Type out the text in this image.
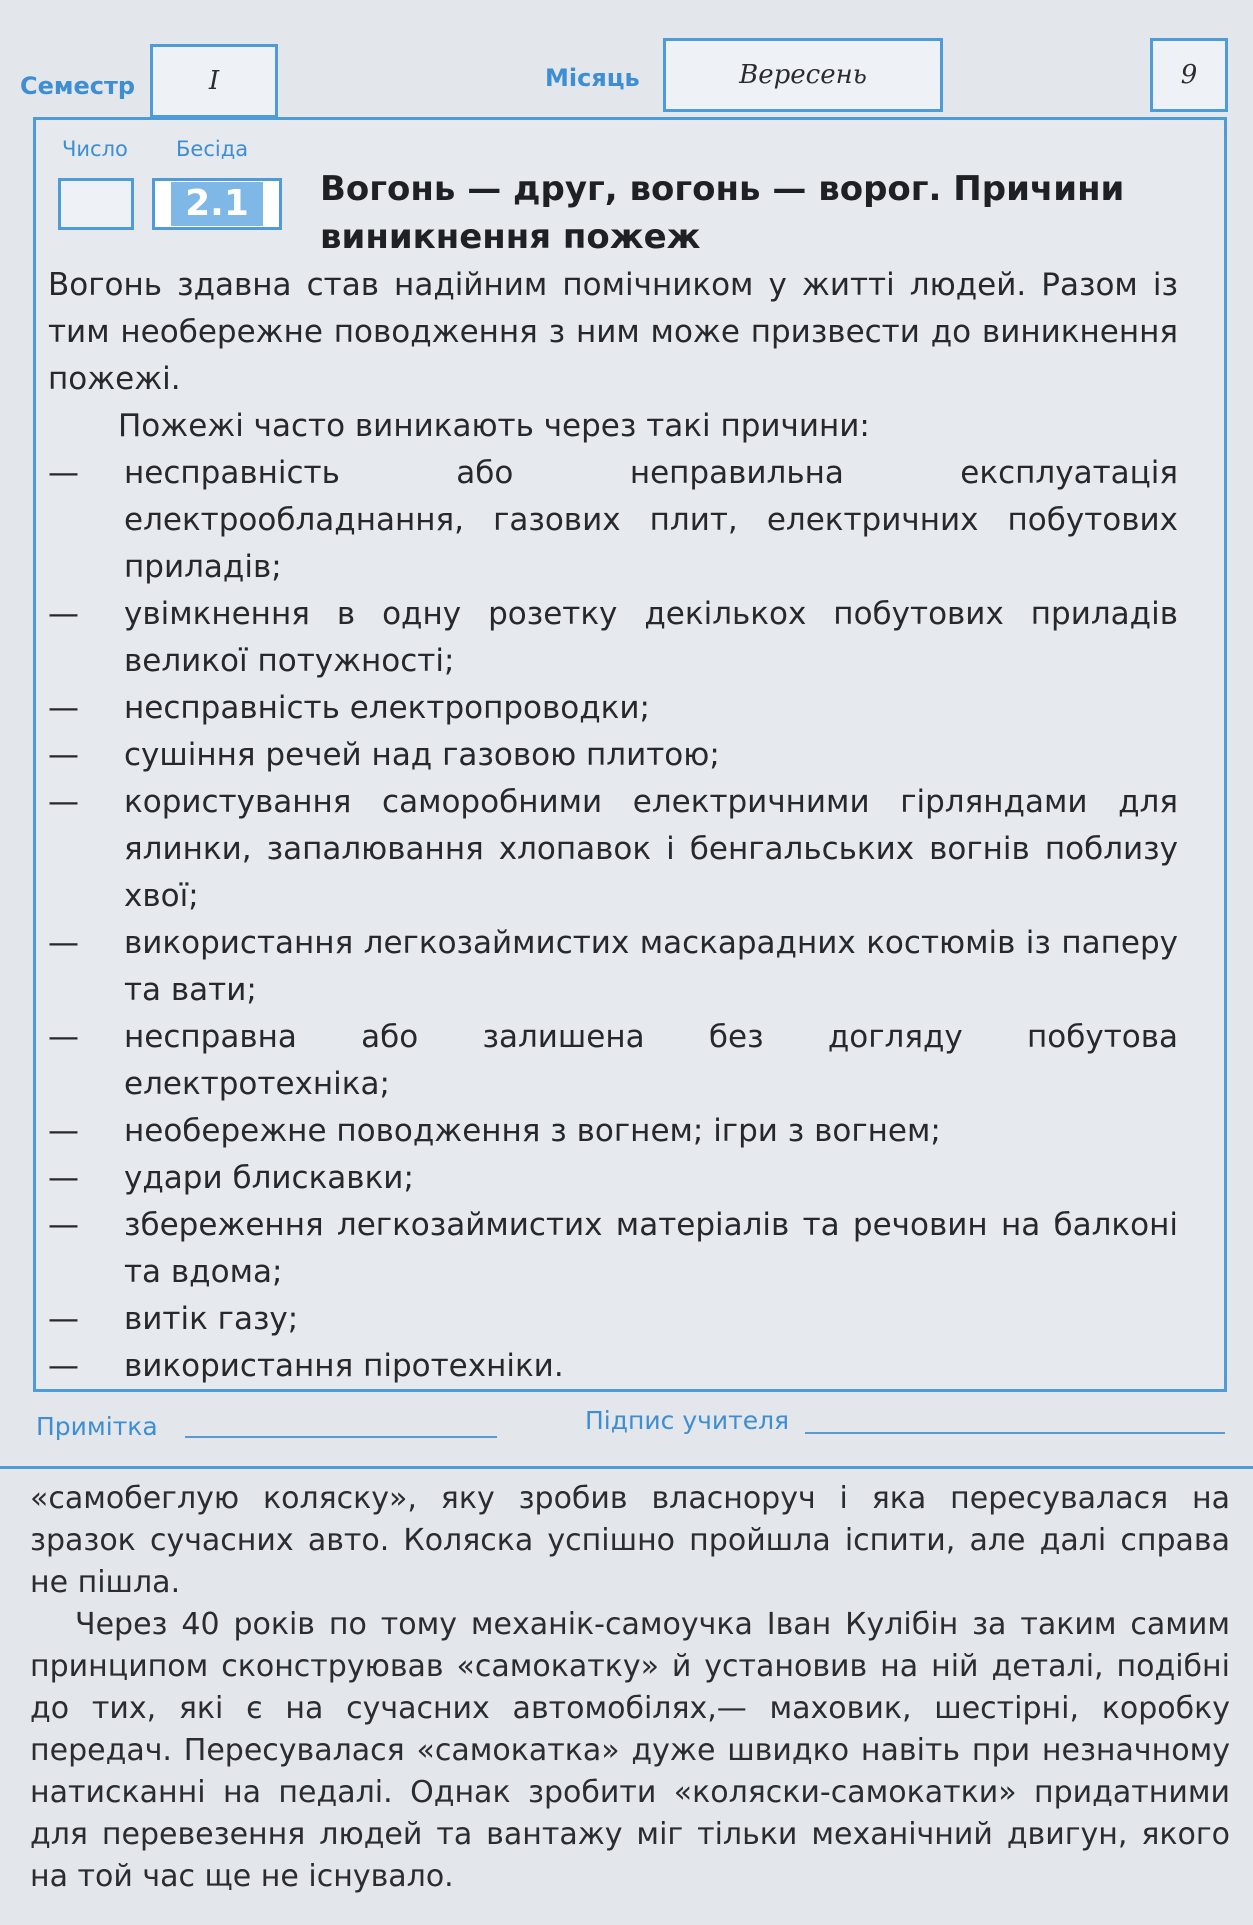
Семестр	I	Місяць	Вересень	9
Число Бесіда
2.1	Вогонь — друг, вогонь — ворог. Причини виникнення пожеж

Вогонь здавна став надійним помічником у житті людей. Разом із тим необережне поводження з ним може призвести до виникнення пожежі.

Пожежі часто виникають через такі причини:

— несправність або неправильна експлуатація електрообладнання, газових плит, електричних побутових приладів;

— увімкнення в одну розетку декількох побутових приладів великої потужності;

— несправність електропроводки;

— сушіння речей над газовою плитою;

— користування саморобними електричними гірляндами для ялинки, запалювання хлопавок і бенгальських вогнів поблизу хвої;

— використання легкозаймистих маскарадних костюмів із паперу та вати;

— несправна або залишена без догляду побутова електротехніка;

— необережне поводження з вогнем; ігри з вогнем;

— удари блискавки;

— збереження легкозаймистих матеріалів та речовин на балконі та вдома;

— витік газу;

— використання піротехніки.

Примітка	Підпис учителя

«самобеглую коляску», яку зробив власноруч і яка пересувалася на зразок сучасних авто. Коляска успішно пройшла іспити, але далі справа не пішла.

Через 40 років по тому механік-самоучка Іван Кулібін за таким самим принципом сконструював «самокатку» й установив на ній деталі, подібні до тих, які є на сучасних автомобілях,— маховик, шестірні, коробку передач. Пересувалася «самокатка» дуже швидко навіть при незначному натисканні на педалі. Однак зробити «коляски-самокатки» придатними для перевезення людей та вантажу міг тільки механічний двигун, якого на той час ще не існувало.
